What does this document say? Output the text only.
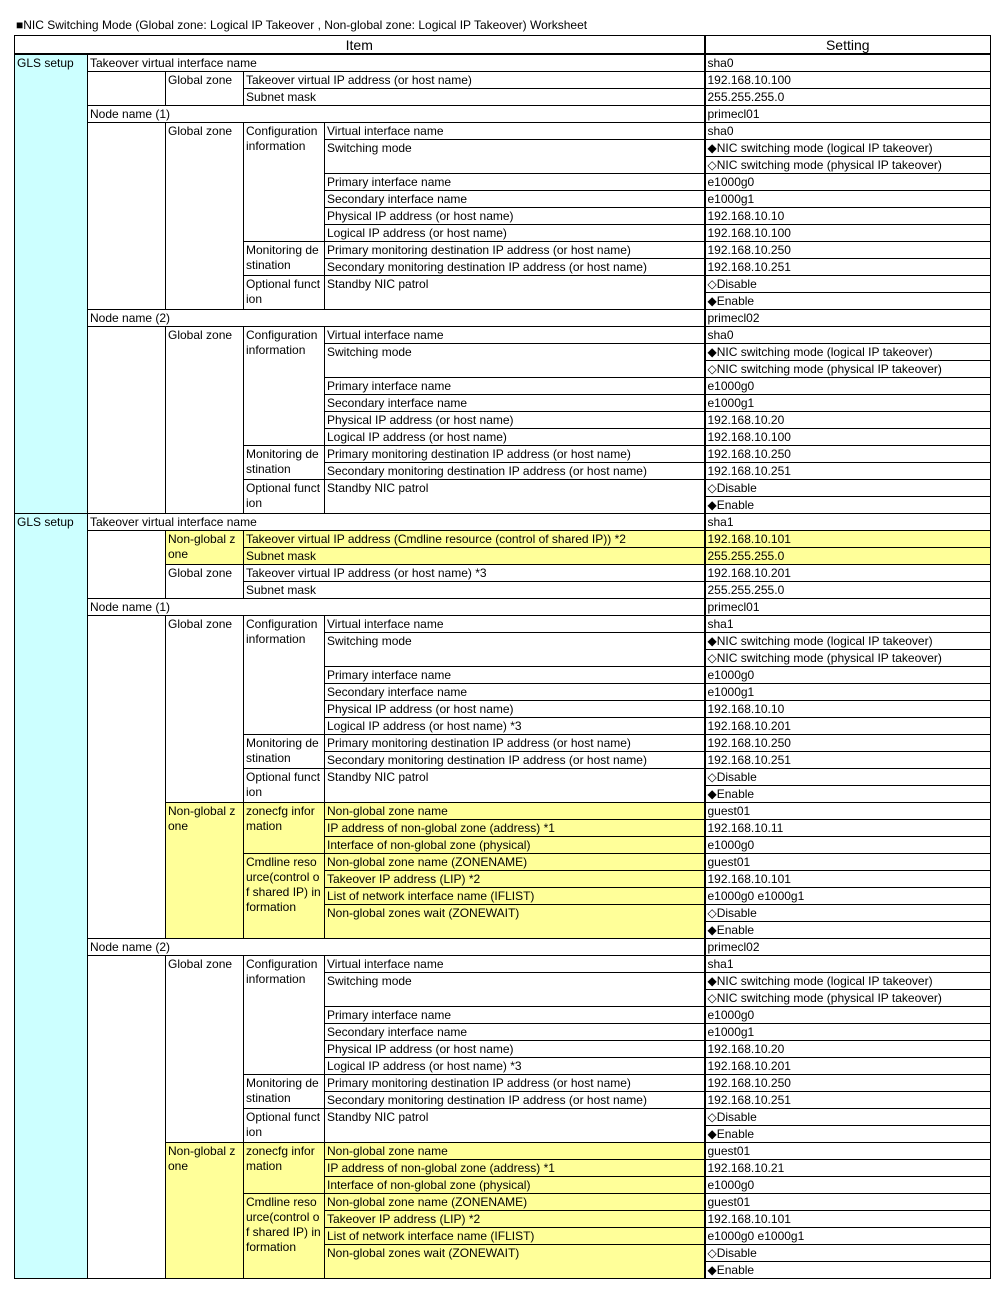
■NIC Switching Mode (Global zone: Logical IP Takeover , Non-global zone: Logical IP Takeover) Worksheet
Item					Setting
GLS setup	Takeover virtual interface name				sha0
		Global zone	Takeover virtual IP address (or host name)		192.168.10.100
			Subnet mask		255.255.255.0
	Node name (1)				primecl01
		Global zone	Configuration information	Virtual interface name	sha0
				Switching mode	◆NIC switching mode (logical IP takeover)
					◇NIC switching mode (physical IP takeover)
				Primary interface name	e1000g0
				Secondary interface name	e1000g1
				Physical IP address (or host name)	192.168.10.10
				Logical IP address (or host name)	192.168.10.100
			Monitoring destination	Primary monitoring destination IP address (or host name)	192.168.10.250
				Secondary monitoring destination IP address (or host name)	192.168.10.251
			Optional function	Standby NIC patrol	◇Disable
					◆Enable
	Node name (2)				primecl02
		Global zone	Configuration information	Virtual interface name	sha0
				Switching mode	◆NIC switching mode (logical IP takeover)
					◇NIC switching mode (physical IP takeover)
				Primary interface name	e1000g0
				Secondary interface name	e1000g1
				Physical IP address (or host name)	192.168.10.20
				Logical IP address (or host name)	192.168.10.100
			Monitoring destination	Primary monitoring destination IP address (or host name)	192.168.10.250
				Secondary monitoring destination IP address (or host name)	192.168.10.251
			Optional function	Standby NIC patrol	◇Disable
					◆Enable
GLS setup	Takeover virtual interface name				sha1
		Non-global zone	Takeover virtual IP address (Cmdline resource (control of shared IP)) *2		192.168.10.101
			Subnet mask		255.255.255.0
		Global zone	Takeover virtual IP address (or host name) *3		192.168.10.201
			Subnet mask		255.255.255.0
	Node name (1)				primecl01
		Global zone	Configuration information	Virtual interface name	sha1
				Switching mode	◆NIC switching mode (logical IP takeover)
					◇NIC switching mode (physical IP takeover)
				Primary interface name	e1000g0
				Secondary interface name	e1000g1
				Physical IP address (or host name)	192.168.10.10
				Logical IP address (or host name) *3	192.168.10.201
			Monitoring destination	Primary monitoring destination IP address (or host name)	192.168.10.250
				Secondary monitoring destination IP address (or host name)	192.168.10.251
			Optional function	Standby NIC patrol	◇Disable
					◆Enable
		Non-global zone	zonecfg information	Non-global zone name	guest01
				IP address of non-global zone (address) *1	192.168.10.11
				Interface of non-global zone (physical)	e1000g0
			Cmdline resource(control of shared IP) information	Non-global zone name (ZONENAME)	guest01
				Takeover IP address (LIP) *2	192.168.10.101
				List of network interface name (IFLIST)	e1000g0 e1000g1
				Non-global zones wait (ZONEWAIT)	◇Disable
					◆Enable
	Node name (2)				primecl02
		Global zone	Configuration information	Virtual interface name	sha1
				Switching mode	◆NIC switching mode (logical IP takeover)
					◇NIC switching mode (physical IP takeover)
				Primary interface name	e1000g0
				Secondary interface name	e1000g1
				Physical IP address (or host name)	192.168.10.20
				Logical IP address (or host name) *3	192.168.10.201
			Monitoring destination	Primary monitoring destination IP address (or host name)	192.168.10.250
				Secondary monitoring destination IP address (or host name)	192.168.10.251
			Optional function	Standby NIC patrol	◇Disable
					◆Enable
		Non-global zone	zonecfg information	Non-global zone name	guest01
				IP address of non-global zone (address) *1	192.168.10.21
				Interface of non-global zone (physical)	e1000g0
			Cmdline resource(control of shared IP) information	Non-global zone name (ZONENAME)	guest01
				Takeover IP address (LIP) *2	192.168.10.101
				List of network interface name (IFLIST)	e1000g0 e1000g1
				Non-global zones wait (ZONEWAIT)	◇Disable
					◆Enable
